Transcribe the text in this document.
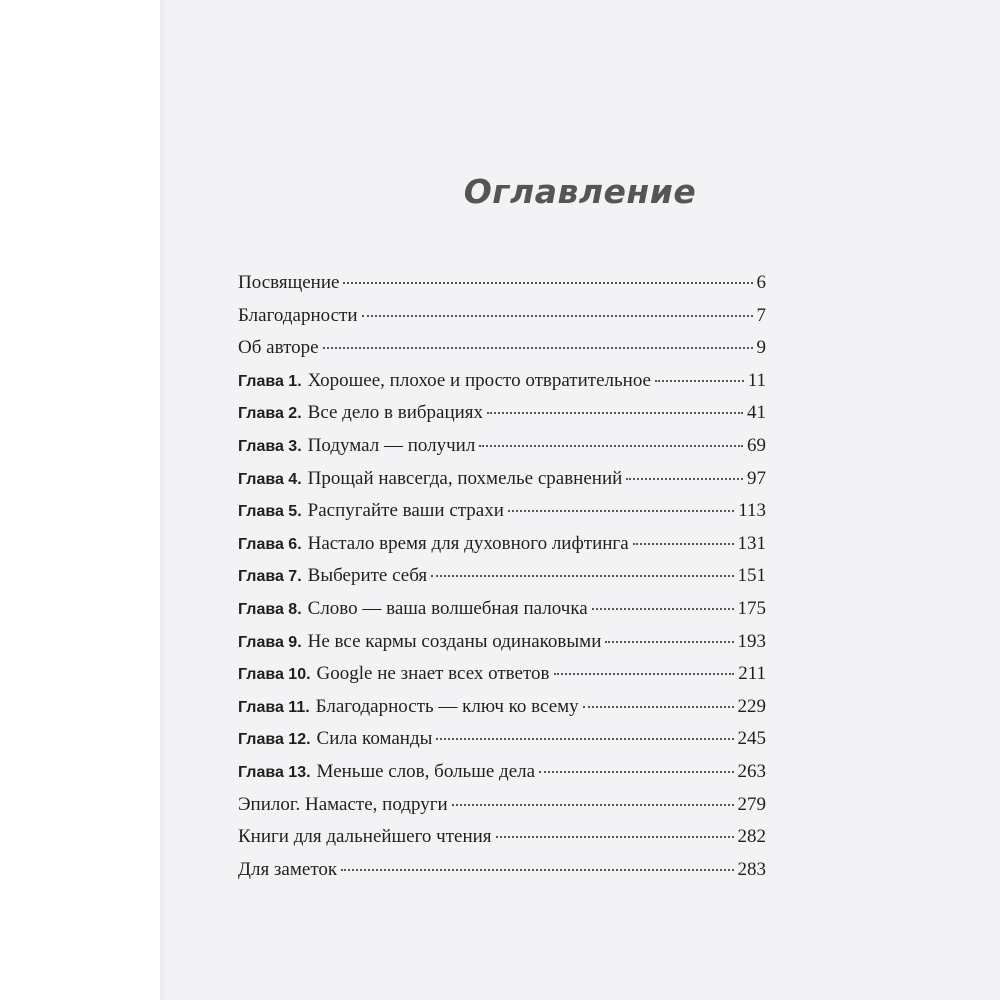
Оглавление
Посвящение	6
Благодарности	7
Об авторе	9
Глава 1. Хорошее, плохое и просто отвратительное	11
Глава 2. Все дело в вибрациях	41
Глава 3. Подумал — получил	69
Глава 4. Прощай навсегда, похмелье сравнений	97
Глава 5. Распугайте ваши страхи	113
Глава 6. Настало время для духовного лифтинга	131
Глава 7. Выберите себя	151
Глава 8. Слово — ваша волшебная палочка	175
Глава 9. Не все кармы созданы одинаковыми	193
Глава 10. Google не знает всех ответов	211
Глава 11. Благодарность — ключ ко всему	229
Глава 12. Сила команды	245
Глава 13. Меньше слов, больше дела	263
Эпилог. Намасте, подруги	279
Книги для дальнейшего чтения	282
Для заметок	283
